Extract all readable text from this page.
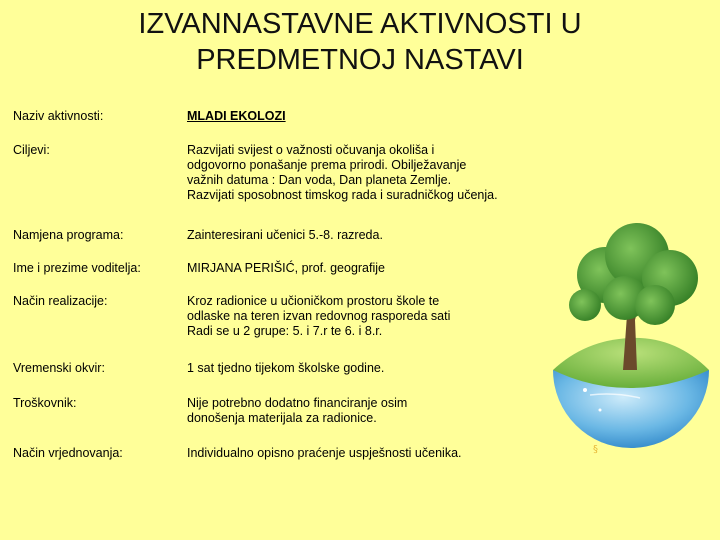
IZVANNASTAVNE AKTIVNOSTI U
PREDMETNOJ NASTAVI
Naziv aktivnosti:	MLADI EKOLOZI
Ciljevi:	Razvijati svijest o važnosti očuvanja okoliša i
odgovorno ponašanje prema prirodi. Obilježavanje
važnih datuma : Dan voda, Dan planeta Zemlje.
Razvijati sposobnost timskog rada i suradničkog učenja.
Namjena programa:	Zainteresirani učenici 5.-8. razreda.
Ime i prezime voditelja:	MIRJANA PERIŠIĆ, prof. geografije
Način realizacije:	Kroz radionice u učioničkom prostoru škole te
odlaske na teren izvan redovnog rasporeda sati
Radi se u 2 grupe: 5. i 7.r te 6. i 8.r.
Vremenski okvir:	1 sat tjedno tijekom školske godine.
Troškovnik:	Nije potrebno dodatno financiranje osim
donošenja materijala za radionice.
Način vrjednovanja:	Individualno opisno praćenje uspješnosti učenika.	§
